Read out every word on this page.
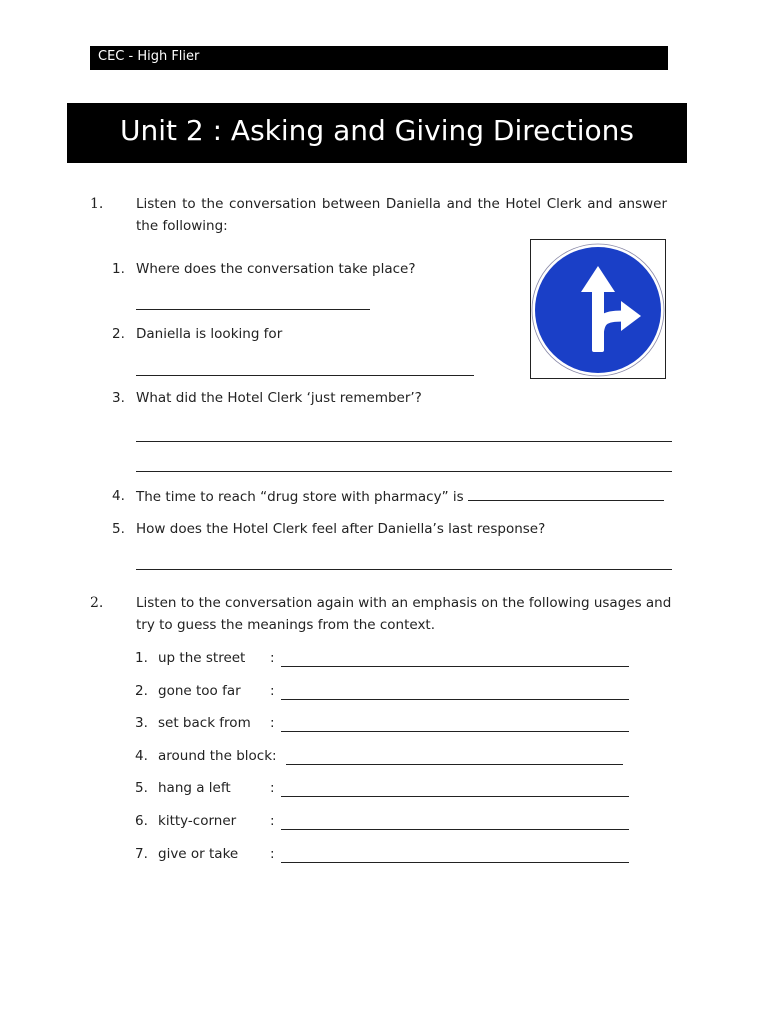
CEC - High Flier
Unit 2 : Asking and Giving Directions
1. Listen to the conversation between Daniella and the Hotel Clerk and answer the following:
1. Where does the conversation take place?
2. Daniella is looking for
3. What did the Hotel Clerk ‘just remember’?
4. The time to reach “drug store with pharmacy” is
5. How does the Hotel Clerk feel after Daniella’s last response?
2. Listen to the conversation again with an emphasis on the following usages and try to guess the meanings from the context.
1. up the street :
2. gone too far :
3. set back from :
4. around the block:
5. hang a left	:
6. kitty-corner	:
7. give or take :
